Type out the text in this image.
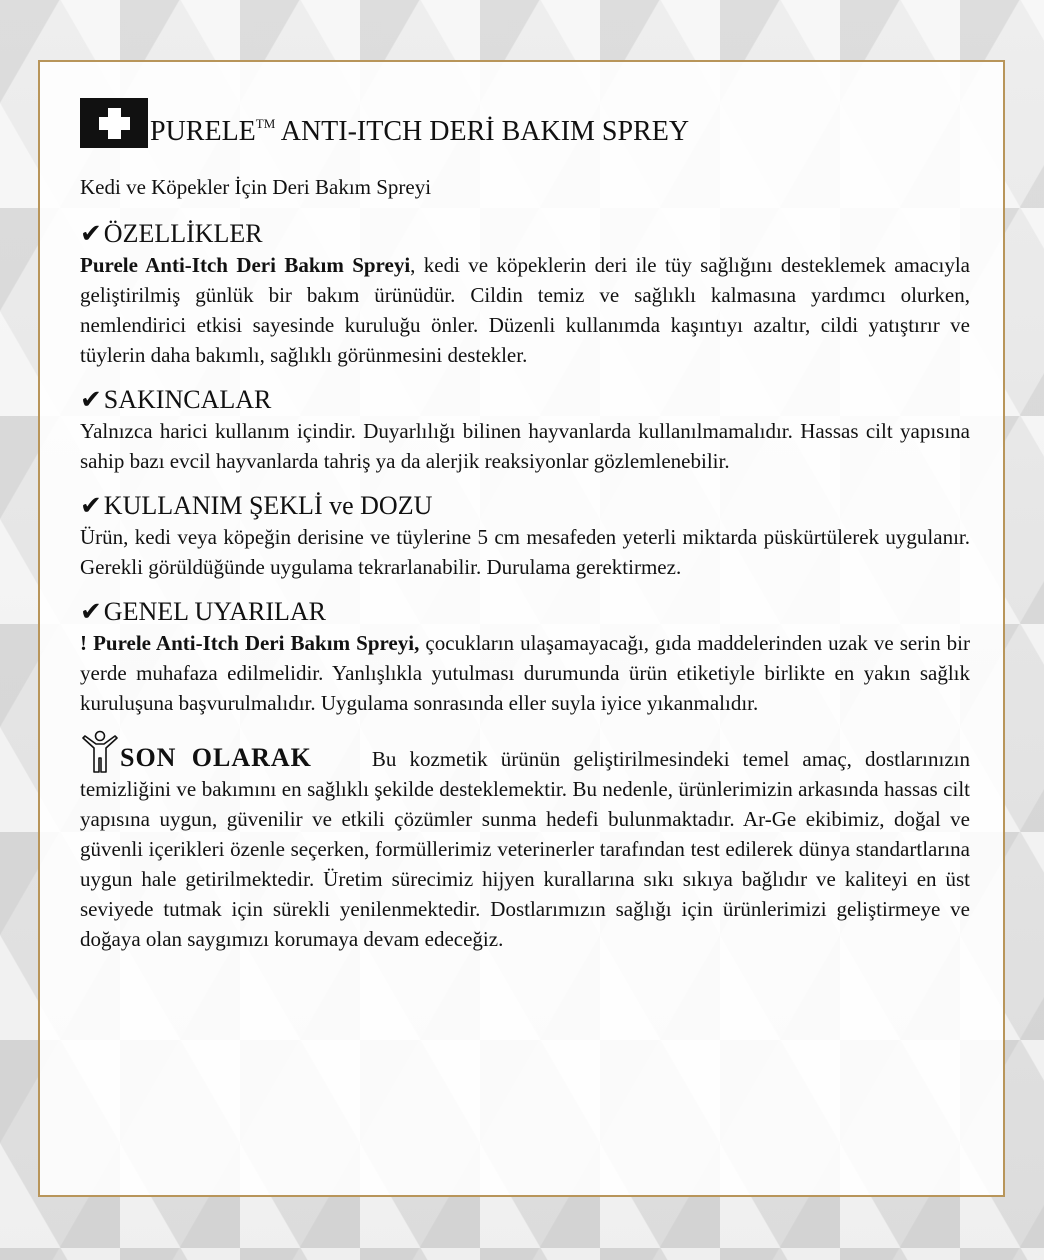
PURELE™ ANTI-ITCH DERİ BAKIM SPREY
Kedi ve Köpekler İçin Deri Bakım Spreyi
✔ ÖZELLİKLER

Purele Anti-Itch Deri Bakım Spreyi, kedi ve köpeklerin deri ile tüy sağlığını desteklemek amacıyla geliştirilmiş günlük bir bakım ürünüdür. Cildin temiz ve sağlıklı kalmasına yardımcı olurken, nemlendirici etkisi sayesinde kuruluğu önler. Düzenli kullanımda kaşıntıyı azaltır, cildi yatıştırır ve tüylerin daha bakımlı, sağlıklı görünmesini destekler.

✔ SAKINCALAR

Yalnızca harici kullanım içindir. Duyarlılığı bilinen hayvanlarda kullanılmamalıdır. Hassas cilt yapısına sahip bazı evcil hayvanlarda tahriş ya da alerjik reaksiyonlar gözlemlenebilir.

✔ KULLANIM ŞEKLİ ve DOZU

Ürün, kedi veya köpeğin derisine ve tüylerine 5 cm mesafeden yeterli miktarda püskürtülerek uygulanır. Gerekli görüldüğünde uygulama tekrarlanabilir. Durulama gerektirmez.

✔ GENEL UYARILAR

! Purele Anti-Itch Deri Bakım Spreyi, çocukların ulaşamayacağı, gıda maddelerinden uzak ve serin bir yerde muhafaza edilmelidir. Yanlışlıkla yutulması durumunda ürün etiketiyle birlikte en yakın sağlık kuruluşuna başvurulmalıdır. Uygulama sonrasında eller suyla iyice yıkanmalıdır.

SON OLARAK	Bu kozmetik ürünün geliştirilmesindeki temel amaç, dostlarınızın temizliğini ve bakımını en sağlıklı şekilde desteklemektir. Bu nedenle, ürünlerimizin arkasında hassas cilt yapısına uygun, güvenilir ve etkili çözümler sunma hedefi bulunmaktadır. Ar-Ge ekibimiz, doğal ve güvenli içerikleri özenle seçerken, formüllerimiz veterinerler tarafından test edilerek dünya standartlarına uygun hale getirilmektedir. Üretim sürecimiz hijyen kurallarına sıkı sıkıya bağlıdır ve kaliteyi en üst seviyede tutmak için sürekli yenilenmektedir. Dostlarımızın sağlığı için ürünlerimizi geliştirmeye ve doğaya olan saygımızı korumaya devam edeceğiz.
